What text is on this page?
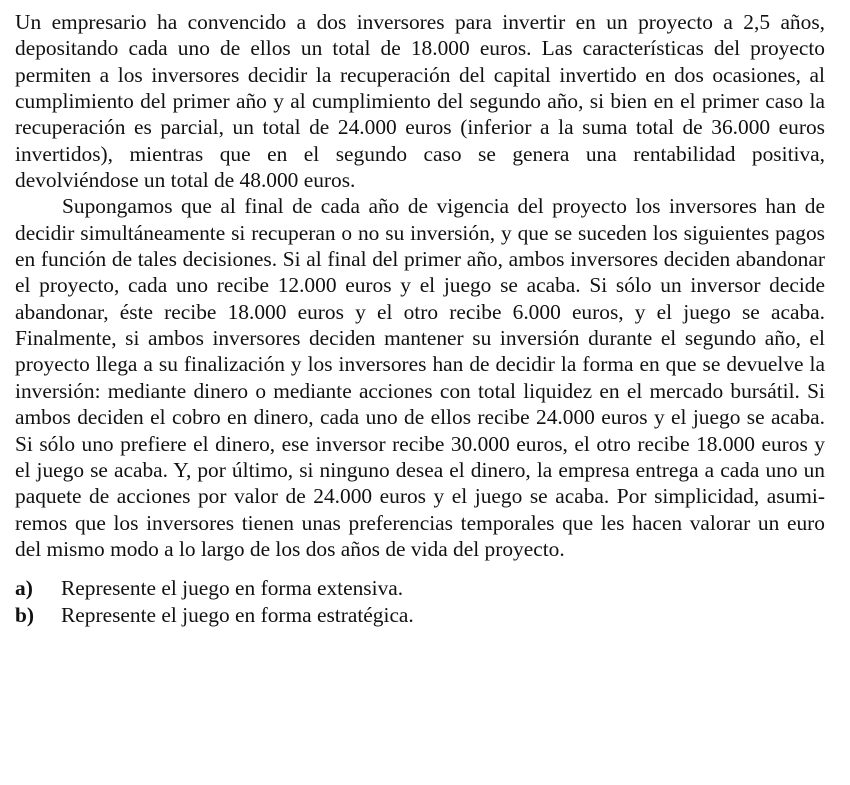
Un empresario ha convencido a dos inversores para invertir en un proyecto a 2,5 años, depositando cada uno de ellos un total de 18.000 euros. Las características del proyecto permiten a los inversores decidir la recuperación del capital invertido en dos ocasiones, al cumplimiento del primer año y al cumplimiento del segundo año, si bien en el primer caso la recuperación es parcial, un total de 24.000 euros (inferior a la suma total de 36.000 euros invertidos), mientras que en el segundo caso se genera una rentabilidad positiva, devolviéndose un total de 48.000 euros.

Supongamos que al final de cada año de vigencia del proyecto los inversores han de decidir simultáneamente si recuperan o no su inversión, y que se suceden los siguientes pagos en función de tales decisiones. Si al final del primer año, ambos inversores deciden abandonar el proyecto, cada uno recibe 12.000 euros y el juego se acaba. Si sólo un inversor decide abandonar, éste recibe 18.000 euros y el otro recibe 6.000 euros, y el juego se acaba. Finalmente, si ambos inversores deciden mantener su inversión durante el segundo año, el proyecto llega a su finalización y los inversores han de decidir la forma en que se devuelve la inversión: mediante dinero o mediante acciones con total liquidez en el mercado bursátil. Si ambos deciden el cobro en dinero, cada uno de ellos recibe 24.000 euros y el juego se acaba. Si sólo uno prefiere el dinero, ese inversor recibe 30.000 euros, el otro recibe 18.000 euros y el juego se acaba. Y, por último, si ninguno desea el dinero, la empresa entrega a cada uno un paquete de acciones por valor de 24.000 euros y el juego se acaba. Por simplicidad, asumiremos que los inversores tienen unas preferencias temporales que les hacen valorar un euro del mismo modo a lo largo de los dos años de vida del proyecto.

a)	Represente el juego en forma extensiva.
b)	Represente el juego en forma estratégica.
